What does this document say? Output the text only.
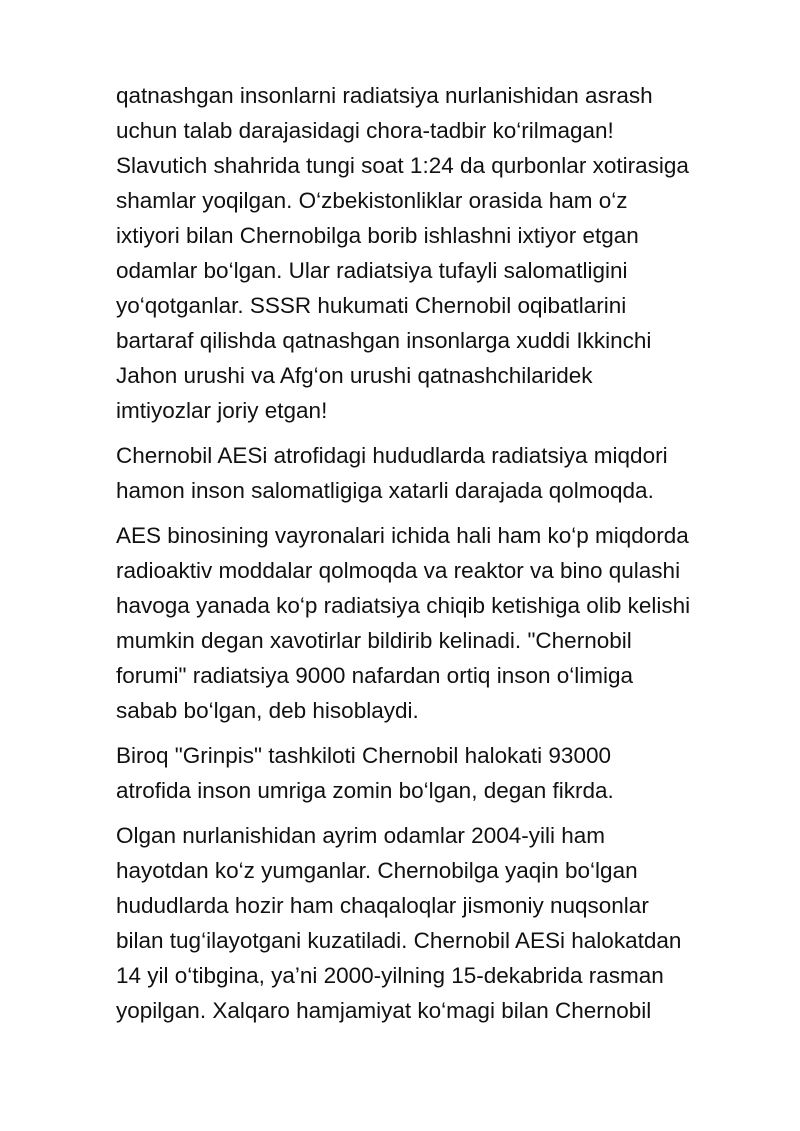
qatnashgan insonlarni radiatsiya nurlanishidan asrash
uchun talab darajasidagi chora-tadbir ko‘rilmagan!
Slavutich shahrida tungi soat 1:24 da qurbonlar xotirasiga
shamlar yoqilgan. O‘zbekistonliklar orasida ham o‘z
ixtiyori bilan Chernobilga borib ishlashni ixtiyor etgan
odamlar bo‘lgan. Ular radiatsiya tufayli salomatligini
yo‘qotganlar. SSSR hukumati Chernobil oqibatlarini
bartaraf qilishda qatnashgan insonlarga xuddi Ikkinchi
Jahon urushi va Afg‘on urushi qatnashchilaridek
imtiyozlar joriy etgan!

Chernobil AESi atrofidagi hududlarda radiatsiya miqdori
hamon inson salomatligiga xatarli darajada qolmoqda.

AES binosining vayronalari ichida hali ham ko‘p miqdorda
radioaktiv moddalar qolmoqda va reaktor va bino qulashi
havoga yanada ko‘p radiatsiya chiqib ketishiga olib kelishi
mumkin degan xavotirlar bildirib kelinadi. "Chernobil
forumi" radiatsiya 9000 nafardan ortiq inson o‘limiga
sabab bo‘lgan, deb hisoblaydi.

Biroq "Grinpis" tashkiloti Chernobil halokati 93000
atrofida inson umriga zomin bo‘lgan, degan fikrda.

Olgan nurlanishidan ayrim odamlar 2004-yili ham
hayotdan ko‘z yumganlar. Chernobilga yaqin bo‘lgan
hududlarda hozir ham chaqaloqlar jismoniy nuqsonlar
bilan tug‘ilayotgani kuzatiladi. Chernobil AESi halokatdan
14 yil o‘tibgina, ya’ni 2000-yilning 15-dekabrida rasman
yopilgan. Xalqaro hamjamiyat ko‘magi bilan Chernobil
